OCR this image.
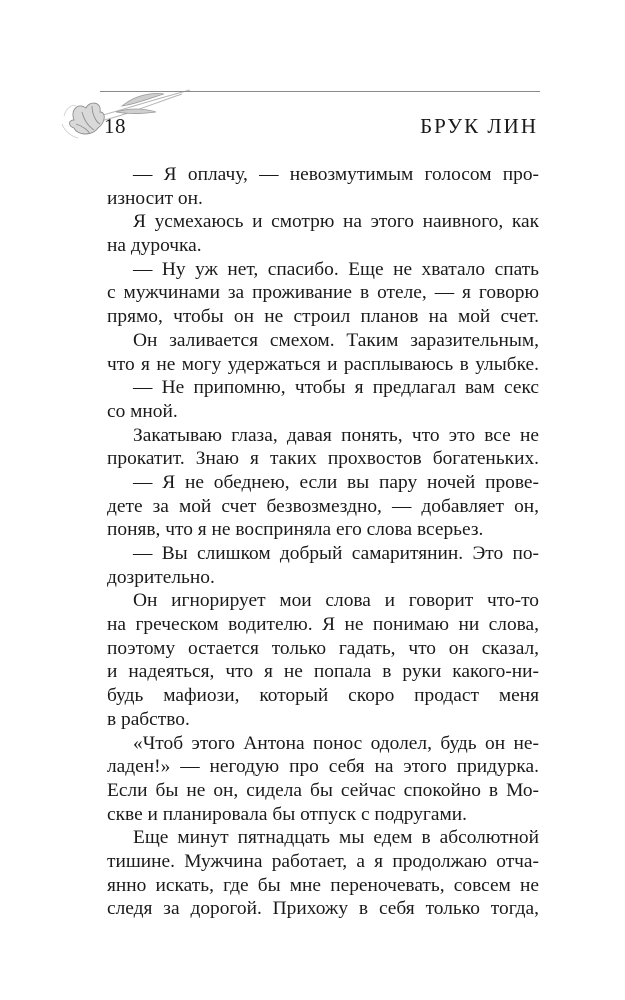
18	БРУК ЛИН
— Я оплачу, — невозмутимым голосом про-
износит он.
Я усмехаюсь и смотрю на этого наивного, как
на дурочка.
— Ну уж нет, спасибо. Еще не хватало спать
с мужчинами за проживание в отеле, — я говорю
прямо, чтобы он не строил планов на мой счет.
Он заливается смехом. Таким заразительным,
что я не могу удержаться и расплываюсь в улыбке.
— Не припомню, чтобы я предлагал вам секс
со мной.
Закатываю глаза, давая понять, что это все не
прокатит. Знаю я таких прохвостов богатеньких.
— Я не обеднею, если вы пару ночей прове-
дете за мой счет безвозмездно, — добавляет он,
поняв, что я не восприняла его слова всерьез.
— Вы слишком добрый самаритянин. Это по-
дозрительно.
Он игнорирует мои слова и говорит что-то
на греческом водителю. Я не понимаю ни слова,
поэтому остается только гадать, что он сказал,
и надеяться, что я не попала в руки какого-ни-
будь мафиози, который скоро продаст меня
в рабство.
«Чтоб этого Антона понос одолел, будь он не-
ладен!» — негодую про себя на этого придурка.
Если бы не он, сидела бы сейчас спокойно в Мо-
скве и планировала бы отпуск с подругами.
Еще минут пятнадцать мы едем в абсолютной
тишине. Мужчина работает, а я продолжаю отча-
янно искать, где бы мне переночевать, совсем не
следя за дорогой. Прихожу в себя только тогда,
